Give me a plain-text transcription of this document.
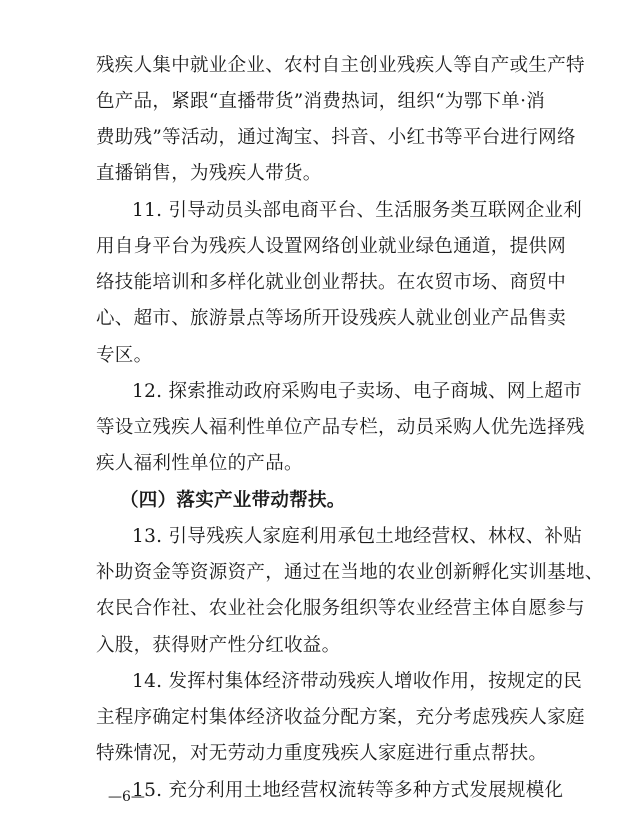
残疾人集中就业企业、农村自主创业残疾人等自产或生产特
色产品，紧跟“直播带货”消费热词，组织“为鄂下单·消
费助残”等活动，通过淘宝、抖音、小红书等平台进行网络
直播销售，为残疾人带货。
11. 引导动员头部电商平台、生活服务类互联网企业利
用自身平台为残疾人设置网络创业就业绿色通道，提供网
络技能培训和多样化就业创业帮扶。在农贸市场、商贸中
心、超市、旅游景点等场所开设残疾人就业创业产品售卖
专区。
12. 探索推动政府采购电子卖场、电子商城、网上超市
等设立残疾人福利性单位产品专栏，动员采购人优先选择残
疾人福利性单位的产品。
（四）落实产业带动帮扶。
13. 引导残疾人家庭利用承包土地经营权、林权、补贴
补助资金等资源资产，通过在当地的农业创新孵化实训基地、
农民合作社、农业社会化服务组织等农业经营主体自愿参与
入股，获得财产性分红收益。
14. 发挥村集体经济带动残疾人增收作用，按规定的民
主程序确定村集体经济收益分配方案，充分考虑残疾人家庭
特殊情况，对无劳动力重度残疾人家庭进行重点帮扶。
15. 充分利用土地经营权流转等多种方式发展规模化
—6—
